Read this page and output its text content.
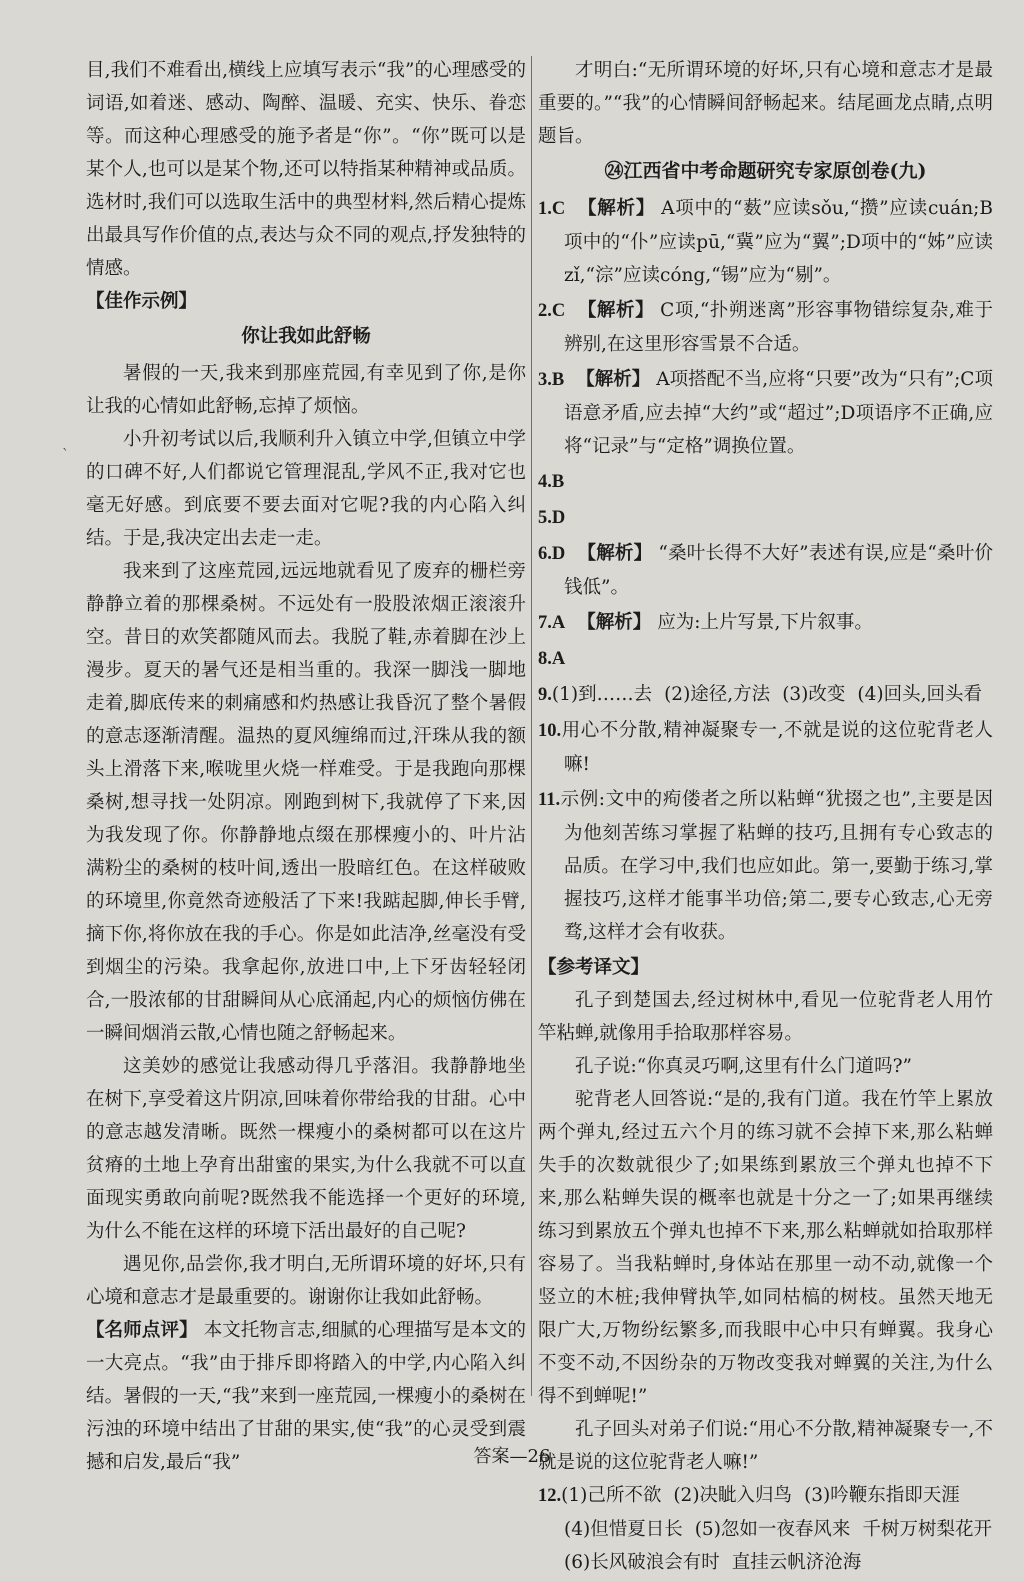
目,我们不难看出,横线上应填写表示“我”的心理感受的词语,如着迷、感动、陶醉、温暖、充实、快乐、眷恋等。而这种心理感受的施予者是“你”。“你”既可以是某个人,也可以是某个物,还可以特指某种精神或品质。选材时,我们可以选取生活中的典型材料,然后精心提炼出最具写作价值的点,表达与众不同的观点,抒发独特的情感。

【佳作示例】

你让我如此舒畅

暑假的一天,我来到那座荒园,有幸见到了你,是你让我的心情如此舒畅,忘掉了烦恼。

小升初考试以后,我顺利升入镇立中学,但镇立中学的口碑不好,人们都说它管理混乱,学风不正,我对它也毫无好感。到底要不要去面对它呢?我的内心陷入纠结。于是,我决定出去走一走。

我来到了这座荒园,远远地就看见了废弃的栅栏旁静静立着的那棵桑树。不远处有一股股浓烟正滚滚升空。昔日的欢笑都随风而去。我脱了鞋,赤着脚在沙上漫步。夏天的暑气还是相当重的。我深一脚浅一脚地走着,脚底传来的刺痛感和灼热感让我昏沉了整个暑假的意志逐渐清醒。温热的夏风缠绵而过,汗珠从我的额头上滑落下来,喉咙里火烧一样难受。于是我跑向那棵桑树,想寻找一处阴凉。刚跑到树下,我就停了下来,因为我发现了你。你静静地点缀在那棵瘦小的、叶片沾满粉尘的桑树的枝叶间,透出一股暗红色。在这样破败的环境里,你竟然奇迹般活了下来!我踮起脚,伸长手臂,摘下你,将你放在我的手心。你是如此洁净,丝毫没有受到烟尘的污染。我拿起你,放进口中,上下牙齿轻轻闭合,一股浓郁的甘甜瞬间从心底涌起,内心的烦恼仿佛在一瞬间烟消云散,心情也随之舒畅起来。

这美妙的感觉让我感动得几乎落泪。我静静地坐在树下,享受着这片阴凉,回味着你带给我的甘甜。心中的意志越发清晰。既然一棵瘦小的桑树都可以在这片贫瘠的土地上孕育出甜蜜的果实,为什么我就不可以直面现实勇敢向前呢?既然我不能选择一个更好的环境,为什么不能在这样的环境下活出最好的自己呢?

遇见你,品尝你,我才明白,无所谓环境的好坏,只有心境和意志才是最重要的。谢谢你让我如此舒畅。

【名师点评】 本文托物言志,细腻的心理描写是本文的一大亮点。“我”由于排斥即将踏入的中学,内心陷入纠结。暑假的一天,“我”来到一座荒园,一棵瘦小的桑树在污浊的环境中结出了甘甜的果实,使“我”的心灵受到震撼和启发,最后“我”

ˋ

才明白:“无所谓环境的好坏,只有心境和意志才是最重要的。”“我”的心情瞬间舒畅起来。结尾画龙点睛,点明题旨。

㉔江西省中考命题研究专家原创卷(九)

1.C 【解析】 A项中的“薮”应读sǒu,“攒”应读cuán;B项中的“仆”应读pū,“冀”应为“翼”;D项中的“姊”应读zǐ,“淙”应读cóng,“锡”应为“剔”。

2.C 【解析】 C项,“扑朔迷离”形容事物错综复杂,难于辨别,在这里形容雪景不合适。

3.B 【解析】 A项搭配不当,应将“只要”改为“只有”;C项语意矛盾,应去掉“大约”或“超过”;D项语序不正确,应将“记录”与“定格”调换位置。

4.B

5.D

6.D 【解析】 “桑叶长得不大好”表述有误,应是“桑叶价钱低”。

7.A 【解析】 应为:上片写景,下片叙事。

8.A

9.(1)到……去 (2)途径,方法 (3)改变 (4)回头,回头看

10.用心不分散,精神凝聚专一,不就是说的这位驼背老人嘛!

11.示例:文中的痀偻者之所以粘蝉“犹掇之也”,主要是因为他刻苦练习掌握了粘蝉的技巧,且拥有专心致志的品质。在学习中,我们也应如此。第一,要勤于练习,掌握技巧,这样才能事半功倍;第二,要专心致志,心无旁骛,这样才会有收获。

【参考译文】

孔子到楚国去,经过树林中,看见一位驼背老人用竹竿粘蝉,就像用手拾取那样容易。

孔子说:“你真灵巧啊,这里有什么门道吗?”

驼背老人回答说:“是的,我有门道。我在竹竿上累放两个弹丸,经过五六个月的练习就不会掉下来,那么粘蝉失手的次数就很少了;如果练到累放三个弹丸也掉不下来,那么粘蝉失误的概率也就是十分之一了;如果再继续练习到累放五个弹丸也掉不下来,那么粘蝉就如拾取那样容易了。当我粘蝉时,身体站在那里一动不动,就像一个竖立的木桩;我伸臂执竿,如同枯槁的树枝。虽然天地无限广大,万物纷纭繁多,而我眼中心中只有蝉翼。我身心不变不动,不因纷杂的万物改变我对蝉翼的关注,为什么得不到蝉呢!”

孔子回头对弟子们说:“用心不分散,精神凝聚专一,不就是说的这位驼背老人嘛!”

12.(1)己所不欲 (2)决眦入归鸟 (3)吟鞭东指即天涯
(4)但惜夏日长 (5)忽如一夜春风来 千树万树梨花开
(6)长风破浪会有时 直挂云帆济沧海

答案—26
